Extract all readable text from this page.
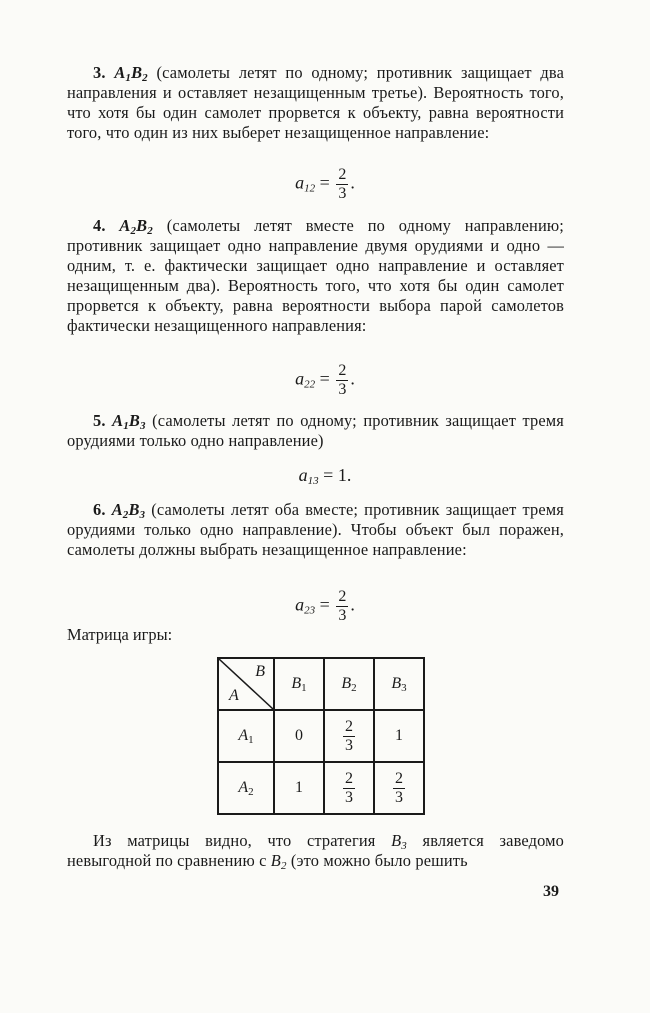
3. $A_1B_2$ (самолеты летят по одному; противник защищает два направления и оставляет незащищенным третье). Вероятность того, что хотя бы один самолет прорвется к объекту, равна вероятности того, что один из них выберет незащищенное направление:
$a_{12} = \frac{2}{3}$ .
4. $A_2B_2$ (самолеты летят вместе по одному направлению; противник защищает одно направление двумя орудиями и одно — одним, т. е. фактически защищает одно направление и оставляет незащищенным два). Вероятность того, что хотя бы один самолет прорвется к объекту, равна вероятности выбора парой самолетов фактически незащищенного направления:
$a_{22} = \frac{2}{3}$ .
5. $A_1B_3$ (самолеты летят по одному; противник защищает тремя орудиями только одно направление)
$a_{13} = 1$.
6. $A_2B_3$ (самолеты летят оба вместе; противник защищает тремя орудиями только одно направление). Чтобы объект был поражен, самолеты должны выбрать незащищенное направление:
$a_{23} = \frac{2}{3}$ .
Матрица игры:
B
A	$B_1$	$B_2$	$B_3$
$A_1$	0	$\frac{2}{3}$	1
$A_2$	1	$\frac{2}{3}$	$\frac{2}{3}$
Из матрицы видно, что стратегия $B_3$ является заведомо невыгодной по сравнению с $B_2$ (это можно было решить
39
